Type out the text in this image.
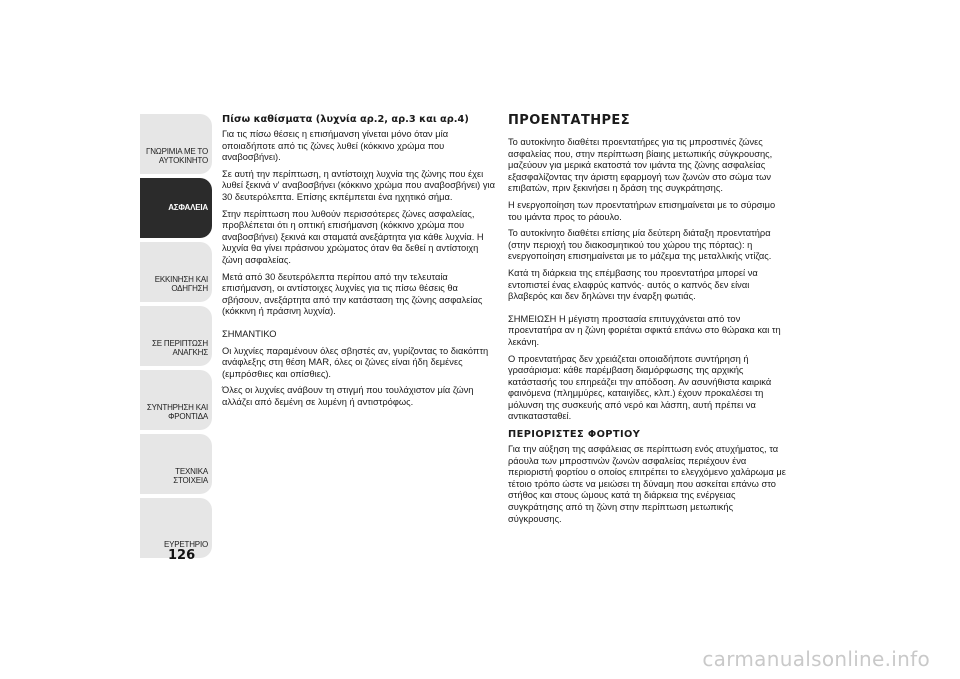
ΓΝΩΡΙΜΙΑ ΜΕ ΤΟ ΑΥΤΟΚΙΝΗΤΟ
ΑΣΦΑΛΕΙΑ
ΕΚΚΙΝΗΣΗ ΚΑΙ ΟΔΗΓΗΣΗ
ΣΕ ΠΕΡΙΠΤΩΣΗ ΑΝΑΓΚΗΣ
ΣΥΝΤΗΡΗΣΗ ΚΑΙ ΦΡΟΝΤΙΔΑ
ΤΕΧΝΙΚΑ ΣΤΟΙΧΕΙΑ
ΕΥΡΕΤΗΡΙΟ
126
Πίσω καθίσματα (λυχνία αρ.2, αρ.3 και αρ.4)

Για τις πίσω θέσεις η επισήμανση γίνεται μόνο όταν μία οποιαδήποτε από τις ζώνες λυθεί (κόκκινο χρώμα που αναβοσβήνει).

Σε αυτή την περίπτωση, η αντίστοιχη λυχνία της ζώνης που έχει λυθεί ξεκινά ν' αναβοσβήνει (κόκκινο χρώμα που αναβοσβήνει) για 30 δευτερόλεπτα. Επίσης εκπέμπεται ένα ηχητικό σήμα.

Στην περίπτωση που λυθούν περισσότερες ζώνες ασφαλείας, προβλέπεται ότι η οπτική επισήμανση (κόκκινο χρώμα που αναβοσβήνει) ξεκινά και σταματά ανεξάρτητα για κάθε λυχνία. Η λυχνία θα γίνει πράσινου χρώματος όταν θα δεθεί η αντίστοιχη ζώνη ασφαλείας.

Μετά από 30 δευτερόλεπτα περίπου από την τελευταία επισήμανση, οι αντίστοιχες λυχνίες για τις πίσω θέσεις θα σβήσουν, ανεξάρτητα από την κατάσταση της ζώνης ασφαλείας (κόκκινη ή πράσινη λυχνία).

ΣΗΜΑΝΤΙΚΟ

Οι λυχνίες παραμένουν όλες σβηστές αν, γυρίζοντας το διακόπτη ανάφλεξης στη θέση MAR, όλες οι ζώνες είναι ήδη δεμένες (εμπρόσθιες και οπίσθιες).

Όλες οι λυχνίες ανάβουν τη στιγμή που τουλάχιστον μία ζώνη αλλάζει από δεμένη σε λυμένη ή αντιστρόφως.

ΠΡΟΕΝΤΑΤΗΡΕΣ

Το αυτοκίνητο διαθέτει προεντατήρες για τις μπροστινές ζώνες ασφαλείας που, στην περίπτωση βίαιης μετωπικής σύγκρουσης, μαζεύουν για μερικά εκατοστά τον ιμάντα της ζώνης ασφαλείας εξασφαλίζοντας την άριστη εφαρμογή των ζωνών στο σώμα των επιβατών, πριν ξεκινήσει η δράση της συγκράτησης.

Η ενεργοποίηση των προεντατήρων επισημαίνεται με το σύρσιμο του ιμάντα προς το ράουλο.

Το αυτοκίνητο διαθέτει επίσης μία δεύτερη διάταξη προεντατήρα (στην περιοχή του διακοσμητικού του χώρου της πόρτας): η ενεργοποίηση επισημαίνεται με το μάζεμα της μεταλλικής ντίζας.

Κατά τη διάρκεια της επέμβασης του προεντατήρα μπορεί να εντοπιστεί ένας ελαφρύς καπνός· αυτός ο καπνός δεν είναι βλαβερός και δεν δηλώνει την έναρξη φωτιάς.

ΣΗΜΕΙΩΣΗ Η μέγιστη προστασία επιτυγχάνεται από τον προεντατήρα αν η ζώνη φοριέται σφικτά επάνω στο θώρακα και τη λεκάνη.

Ο προεντατήρας δεν χρειάζεται οποιαδήποτε συντήρηση ή γρασάρισμα: κάθε παρέμβαση διαμόρφωσης της αρχικής κατάστασής του επηρεάζει την απόδοση. Αν ασυνήθιστα καιρικά φαινόμενα (πλημμύρες, καταιγίδες, κλπ.) έχουν προκαλέσει τη μόλυνση της συσκευής από νερό και λάσπη, αυτή πρέπει να αντικατασταθεί.

ΠΕΡΙΟΡΙΣΤΕΣ ΦΟΡΤΙΟΥ

Για την αύξηση της ασφάλειας σε περίπτωση ενός ατυχήματος, τα ράουλα των μπροστινών ζωνών ασφαλείας περιέχουν ένα περιοριστή φορτίου ο οποίος επιτρέπει το ελεγχόμενο χαλάρωμα με τέτοιο τρόπο ώστε να μειώσει τη δύναμη που ασκείται επάνω στο στήθος και στους ώμους κατά τη διάρκεια της ενέργειας συγκράτησης από τη ζώνη στην περίπτωση μετωπικής σύγκρουσης.

carmanualsonline.info
